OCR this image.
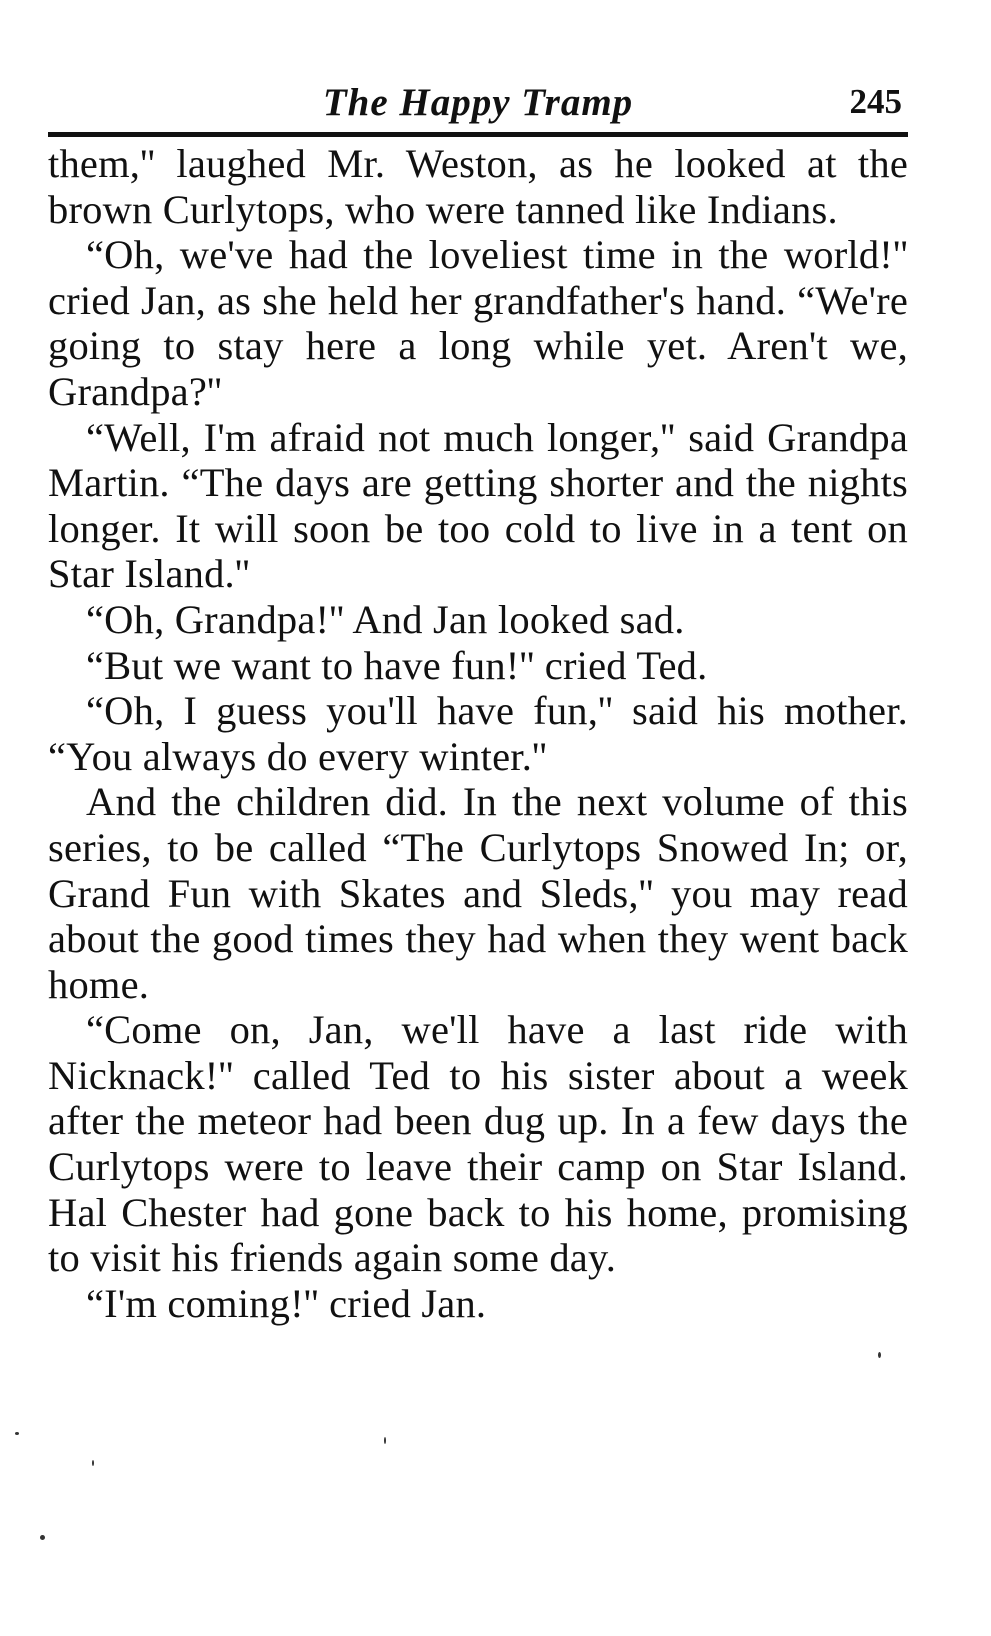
The Happy Tramp	245

them,'' laughed Mr. Weston, as he looked at the brown Curlytops, who were tanned like Indians.

“Oh, we've had the loveliest time in the world!'' cried Jan, as she held her grandfather's hand. “We're going to stay here a long while yet. Aren't we, Grandpa?''

“Well, I'm afraid not much longer,'' said Grandpa Martin. “The days are getting shorter and the nights longer. It will soon be too cold to live in a tent on Star Island.''

“Oh, Grandpa!'' And Jan looked sad.

“But we want to have fun!'' cried Ted.

“Oh, I guess you'll have fun,'' said his mother. “You always do every winter.''

And the children did. In the next volume of this series, to be called “The Curlytops Snowed In; or, Grand Fun with Skates and Sleds,'' you may read about the good times they had when they went back home.

“Come on, Jan, we'll have a last ride with Nicknack!'' called Ted to his sister about a week after the meteor had been dug up. In a few days the Curlytops were to leave their camp on Star Island. Hal Chester had gone back to his home, promising to visit his friends again some day.

“I'm coming!'' cried Jan.
